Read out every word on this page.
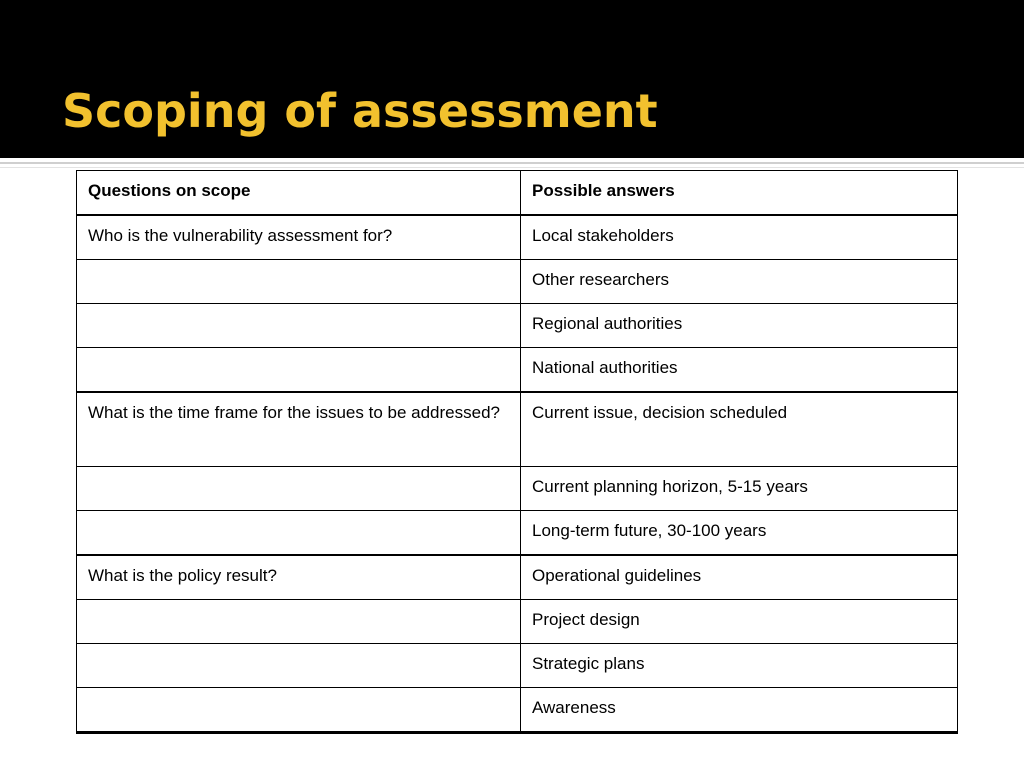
Scoping of assessment
Questions on scope	Possible answers
Who is the vulnerability assessment for?	Local stakeholders
	Other researchers
	Regional authorities
	National authorities

What is the time frame for the issues to be addressed?	Current issue, decision scheduled
	Current planning horizon, 5-15 years
	Long-term future, 30-100 years
What is the policy result?	Operational guidelines
	Project design
	Strategic plans
	Awareness
